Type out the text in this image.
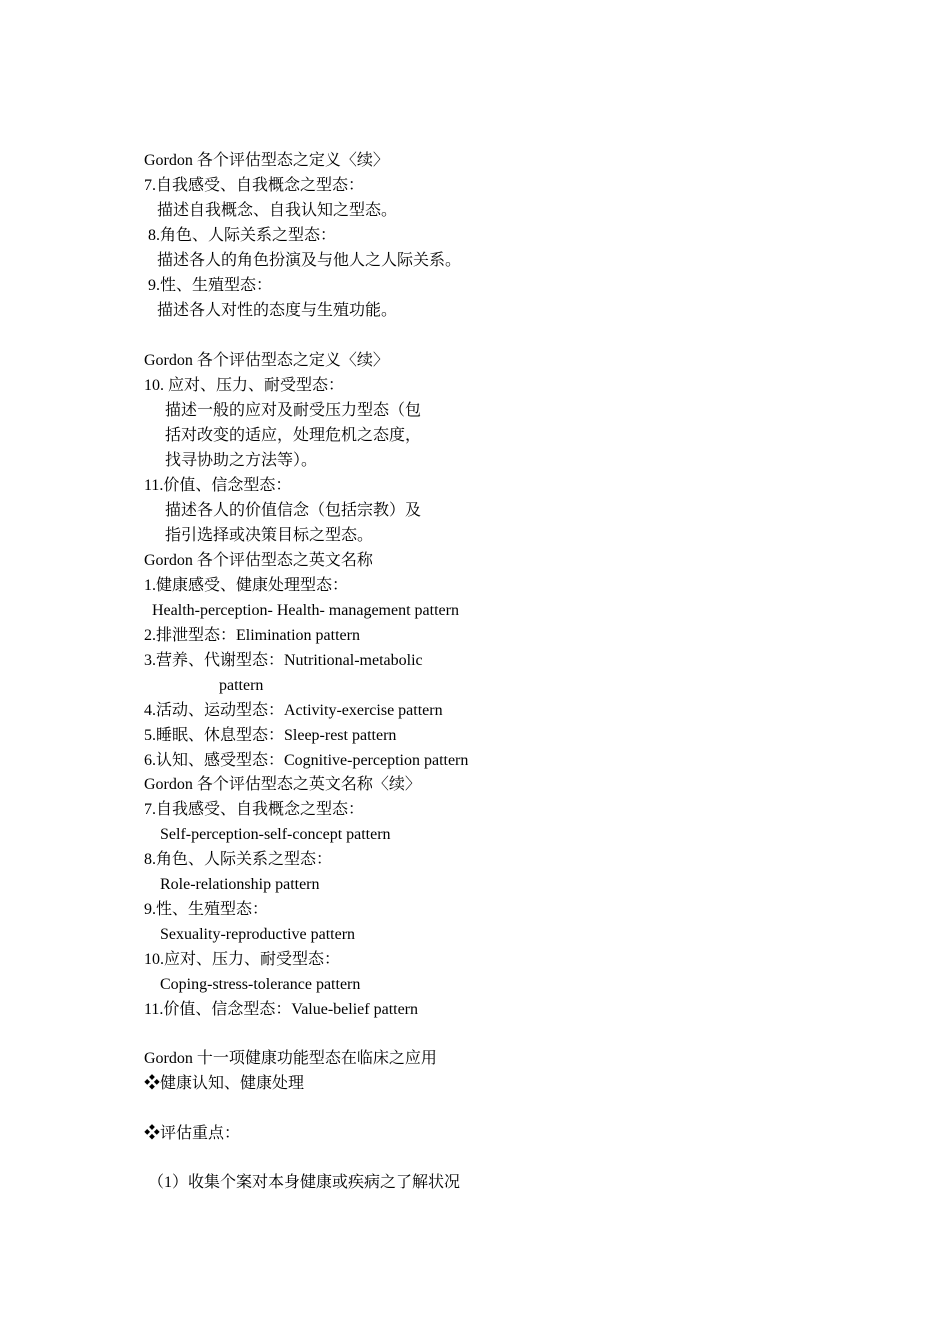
Gordon 各个评估型态之定义〈续〉
7.自我感受、自我概念之型态：
描述自我概念、自我认知之型态。
8.角色、人际关系之型态：
描述各人的角色扮演及与他人之人际关系。
9.性、生殖型态：
描述各人对性的态度与生殖功能。
Gordon 各个评估型态之定义〈续〉
10. 应对、压力、耐受型态：
描述一般的应对及耐受压力型态（包
括对改变的适应，处理危机之态度，
找寻协助之方法等）。
11.价值、信念型态：
描述各人的价值信念（包括宗教）及
指引选择或决策目标之型态。
Gordon 各个评估型态之英文名称
1.健康感受、健康处理型态：
Health-perception- Health- management pattern
2.排泄型态：Elimination pattern
3.营养、代谢型态：Nutritional-metabolic
pattern
4.活动、运动型态：Activity-exercise pattern
5.睡眠、休息型态：Sleep-rest pattern
6.认知、感受型态：Cognitive-perception pattern
Gordon 各个评估型态之英文名称〈续〉
7.自我感受、自我概念之型态：
Self-perception-self-concept pattern
8.角色、人际关系之型态：
Role-relationship pattern
9.性、生殖型态：
Sexuality-reproductive pattern
10.应对、压力、耐受型态：
Coping-stress-tolerance pattern
11.价值、信念型态：Value-belief pattern
Gordon 十一项健康功能型态在临床之应用
❖健康认知、健康处理
❖评估重点：
（1）收集个案对本身健康或疾病之了解状况
